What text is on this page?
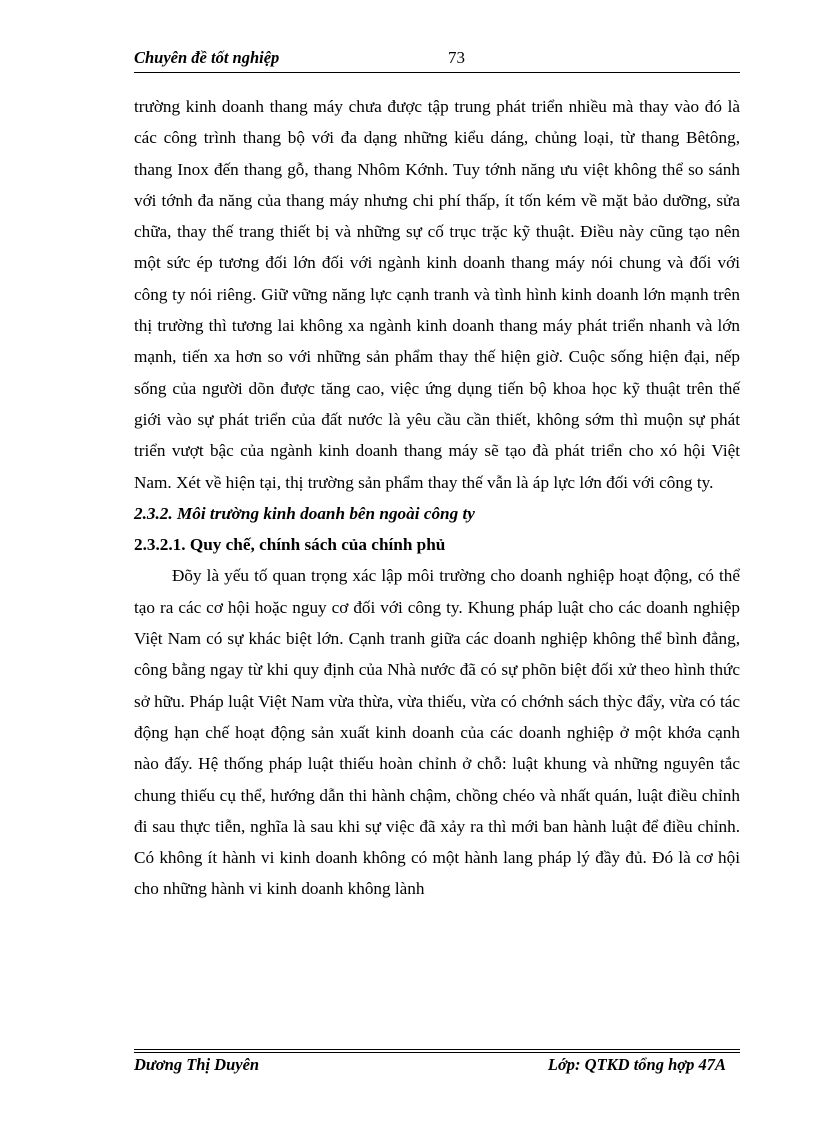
Chuyên đề tốt nghiệp	73

trường kinh doanh thang máy chưa được tập trung phát triển nhiều mà thay vào đó là các công trình thang bộ với đa dạng những kiểu dáng, chủng loại, từ thang Bêtông, thang Inox đến thang gỗ, thang Nhôm Kớnh. Tuy tớnh năng ưu việt không thể so sánh với tớnh đa năng của thang máy nhưng chi phí thấp, ít tốn kém về mặt bảo dưỡng, sửa chữa, thay thế trang thiết bị và những sự cố trục trặc kỹ thuật. Điều này cũng tạo nên một sức ép tương đối lớn đối với ngành kinh doanh thang máy nói chung và đối với công ty nói riêng. Giữ vững năng lực cạnh tranh và tình hình kinh doanh lớn mạnh trên thị trường thì tương lai không xa ngành kinh doanh thang máy phát triển nhanh và lớn mạnh, tiến xa hơn so với những sản phẩm thay thế hiện giờ. Cuộc sống hiện đại, nếp sống của người dõn được tăng cao, việc ứng dụng tiến bộ khoa học kỹ thuật trên thế giới vào sự phát triển của đất nước là yêu cầu cần thiết, không sớm thì muộn sự phát triển vượt bậc của ngành kinh doanh thang máy sẽ tạo đà phát triển cho xó hội Việt Nam. Xét về hiện tại, thị trường sản phẩm thay thế vẫn là áp lực lớn đối với công ty.

2.3.2. Môi trường kinh doanh bên ngoài công ty

2.3.2.1. Quy chế, chính sách của chính phủ

Đõy là yếu tố quan trọng xác lập môi trường cho doanh nghiệp hoạt động, có thể tạo ra các cơ hội hoặc nguy cơ đối với công ty. Khung pháp luật cho các doanh nghiệp Việt Nam có sự khác biệt lớn. Cạnh tranh giữa các doanh nghiệp không thể bình đẳng, công bằng ngay từ khi quy định của Nhà nước đã có sự phõn biệt đối xử theo hình thức sở hữu. Pháp luật Việt Nam vừa thừa, vừa thiếu, vừa có chớnh sách thỳc đẩy, vừa có tác động hạn chế hoạt động sản xuất kinh doanh của các doanh nghiệp ở một khớa cạnh nào đấy. Hệ thống pháp luật thiếu hoàn chỉnh ở chỗ: luật khung và những nguyên tắc chung thiếu cụ thể, hướng dẫn thi hành chậm, chồng chéo và nhất quán, luật điều chỉnh đi sau thực tiễn, nghĩa là sau khi sự việc đã xảy ra thì mới ban hành luật để điều chỉnh. Có không ít hành vi kinh doanh không có một hành lang pháp lý đầy đủ. Đó là cơ hội cho những hành vi kinh doanh không lành

Dương Thị Duyên	Lớp: QTKD tổng hợp 47A
